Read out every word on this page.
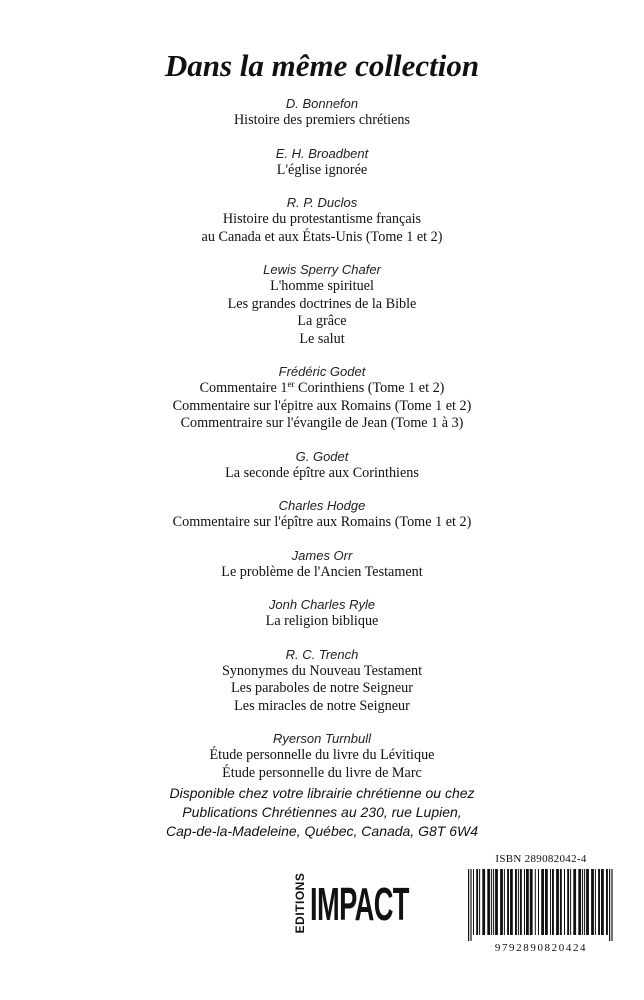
Dans la même collection
D. Bonnefon
Histoire des premiers chrétiens
E. H. Broadbent
L'église ignorée
R. P. Duclos
Histoire du protestantisme français
au Canada et aux États-Unis (Tome 1 et 2)
Lewis Sperry Chafer
L'homme spirituel
Les grandes doctrines de la Bible
La grâce
Le salut
Frédéric Godet
Commentaire 1er Corinthiens (Tome 1 et 2)
Commentaire sur l'épitre aux Romains (Tome 1 et 2)
Commentraire sur l'évangile de Jean (Tome 1 à 3)
G. Godet
La seconde épître aux Corinthiens
Charles Hodge
Commentaire sur l'épître aux Romains (Tome 1 et 2)
James Orr
Le problème de l'Ancien Testament
Jonh Charles Ryle
La religion biblique
R. C. Trench
Synonymes du Nouveau Testament
Les paraboles de notre Seigneur
Les miracles de notre Seigneur
Ryerson Turnbull
Étude personnelle du livre du Lévitique
Étude personnelle du livre de Marc
Disponible chez votre librairie chrétienne ou chez
Publications Chrétiennes au 230, rue Lupien,
Cap-de-la-Madeleine, Québec, Canada, G8T 6W4
EDITIONS IMPACT
ISBN 289082042-4
9792890820424
